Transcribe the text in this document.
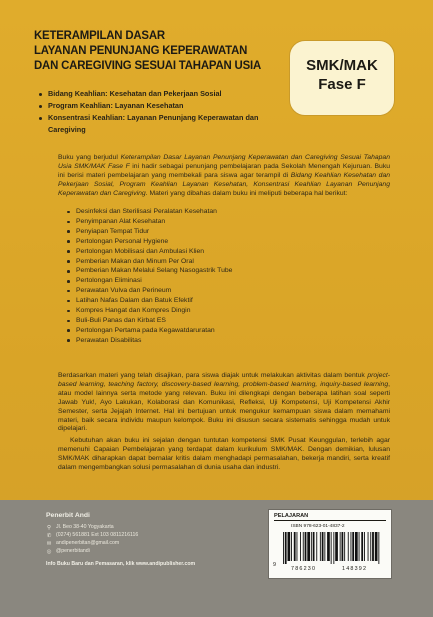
KETERAMPILAN DASAR
LAYANAN PENUNJANG KEPERAWATAN
DAN CAREGIVING SESUAI TAHAPAN USIA	SMK/MAK
Fase F
Bidang Keahlian: Kesehatan dan Pekerjaan Sosial
Program Keahlian: Layanan Kesehatan
Konsentrasi Keahlian: Layanan Penunjang Keperawatan dan Caregiving
Buku yang berjudul Keterampilan Dasar Layanan Penunjang Keperawatan dan Caregiving Sesuai Tahapan Usia SMK/MAK Fase F ini hadir sebagai penunjang pembelajaran pada Sekolah Menengah Kejuruan. Buku ini berisi materi pembelajaran yang membekali para siswa agar terampil di Bidang Keahlian Kesehatan dan Pekerjaan Sosial, Program Keahlian Layanan Kesehatan, Konsentrasi Keahlian Layanan Penunjang Keperawatan dan Caregiving. Materi yang dibahas dalam buku ini meliputi beberapa hal berikut:
Desinfeksi dan Sterilisasi Peralatan Kesehatan
Penyimpanan Alat Kesehatan
Penyiapan Tempat Tidur
Pertolongan Personal Hygiene
Pertolongan Mobilisasi dan Ambulasi Klien
Pemberian Makan dan Minum Per Oral
Pemberian Makan Melalui Selang Nasogastrik Tube
Pertolongan Eliminasi
Perawatan Vulva dan Perineum
Latihan Nafas Dalam dan Batuk Efektif
Kompres Hangat dan Kompres Dingin
Buli-Buli Panas dan Kirbat ES
Pertolongan Pertama pada Kegawatdaruratan
Perawatan Disabilitas
Berdasarkan materi yang telah disajikan, para siswa diajak untuk melakukan aktivitas dalam bentuk project-based learning, teaching factory, discovery-based learning, problem-based learning, inquiry-based learning, atau model lainnya serta metode yang relevan. Buku ini dilengkapi dengan beberapa latihan soal seperti Jawab Yuk!, Ayo Lakukan, Kolaborasi dan Komunikasi, Refleksi, Uji Kompetensi, Uji Kompetensi Akhir Semester, serta Jejajah Internet. Hal ini bertujuan untuk mengukur kemampuan siswa dalam memahami materi, baik secara individu maupun kelompok. Buku ini disusun secara sistematis sehingga mudah untuk dipelajari.
Kebutuhan akan buku ini sejalan dengan tuntutan kompetensi SMK Pusat Keunggulan, terlebih agar memenuhi Capaian Pembelajaran yang terdapat dalam kurikulum SMK/MAK. Dengan demikian, lulusan SMK/MAK diharapkan dapat bernalar kritis dalam menghadapi permasalahan, bekerja mandiri, serta kreatif dalam mengembangkan solusi permasalahan di dunia usaha dan industri.
Penerbit Andi
⚲ Jl. Beo 38-40 Yogyakarta
✆ (0274) 561881 Ext 103 0811216116
✉ andipenerbitan@gmail.com
◎ @penerbitandi
Info Buku Baru dan Pemasaran, klik www.andipublisher.com
PELAJARAN
ISBN 978-623-01-4837-2
9
786230	148392
